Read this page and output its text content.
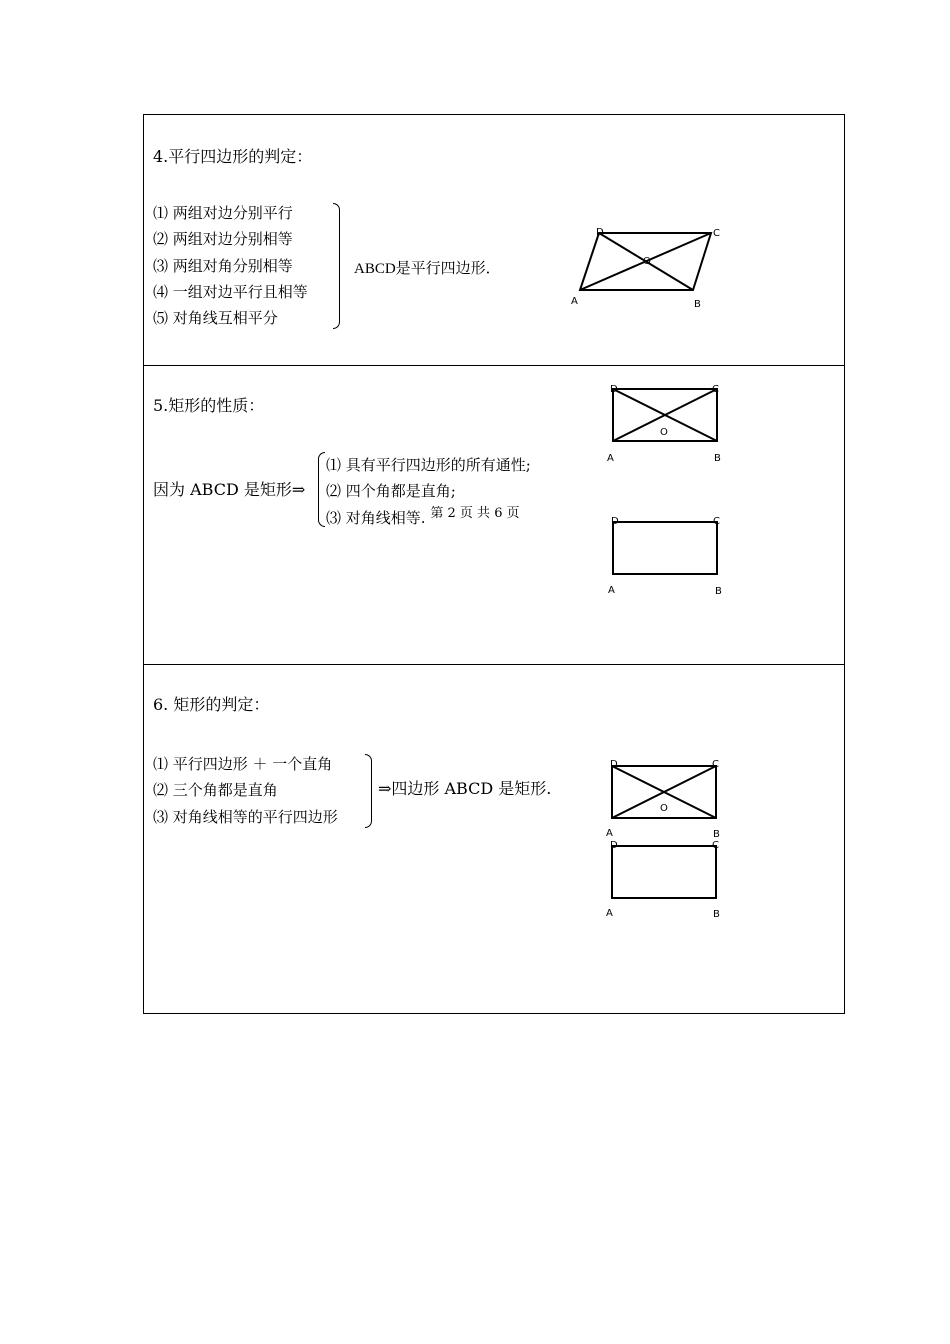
4.平行四边形的判定：
⑴ 两组对边分别平行
⑵ 两组对边分别相等
⑶ 两组对角分别相等
⑷ 一组对边平行且相等
⑸ 对角线互相平分
ABCD是平行四边形．
A	B
C
D
O
A	B
C
D
O
A	B
C
D
A	B
C
D
O
A	B
C
D
5.矩形的性质：
因为 ABCD 是矩形⇒
⑴ 具有平行四边形的所有通性;
⑵ 四个角都是直角;
⑶ 对角线相等.
6. 矩形的判定：
⑴ 平行四边形 ＋ 一个直角
⑵ 三个角都是直角
⑶ 对角线相等的平行四边形
⇒四边形 ABCD 是矩形.
第 2 页 共 6 页
